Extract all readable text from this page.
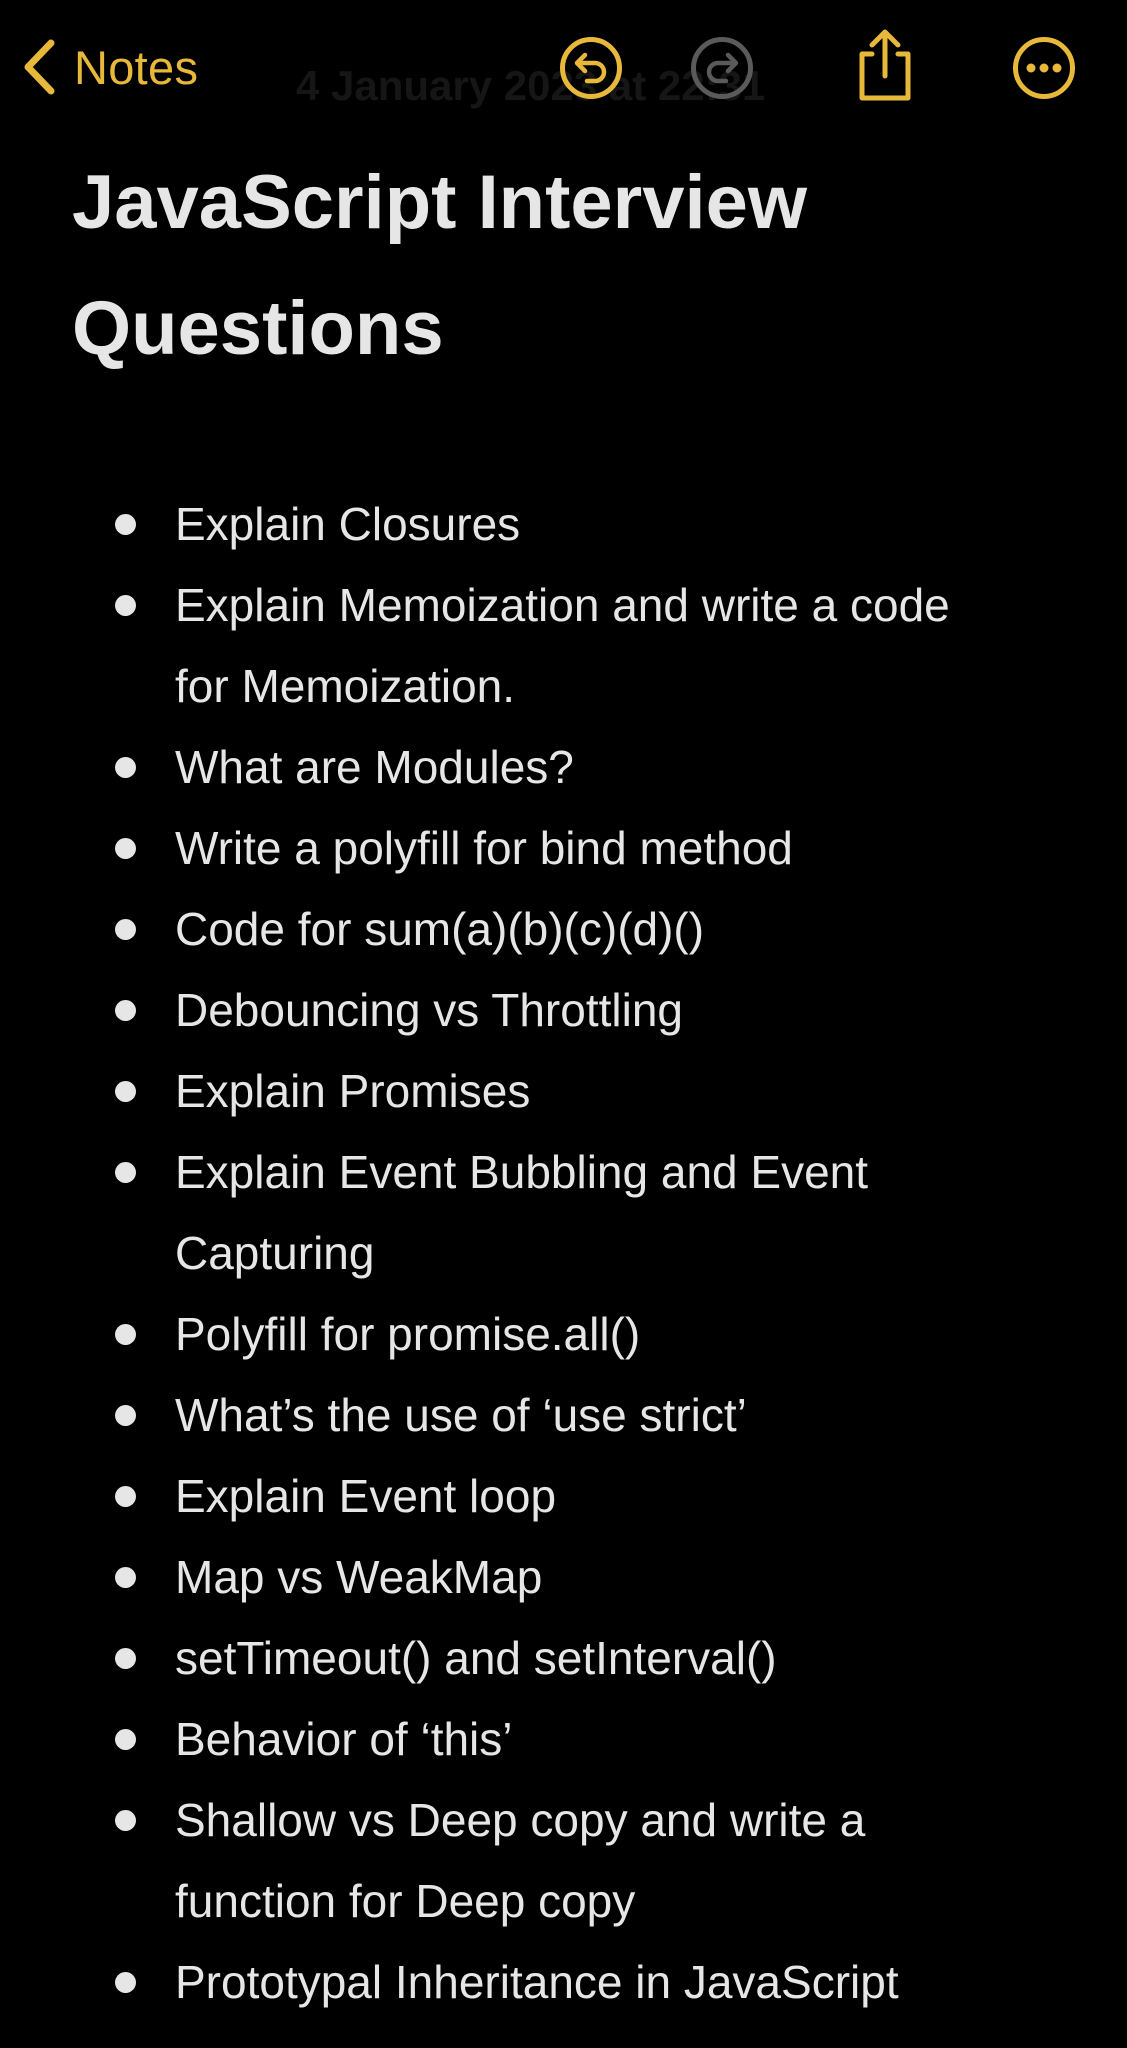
4 January 2023 at 22:31
Notes
JavaScript Interview
Questions
Explain Closures
Explain Memoization and write a code
for Memoization.
What are Modules?
Write a polyfill for bind method
Code for sum(a)(b)(c)(d)()
Debouncing vs Throttling
Explain Promises
Explain Event Bubbling and Event
Capturing
Polyfill for promise.all()
What’s the use of ‘use strict’
Explain Event loop
Map vs WeakMap
setTimeout() and setInterval()
Behavior of ‘this’
Shallow vs Deep copy and write a
function for Deep copy
Prototypal Inheritance in JavaScript
